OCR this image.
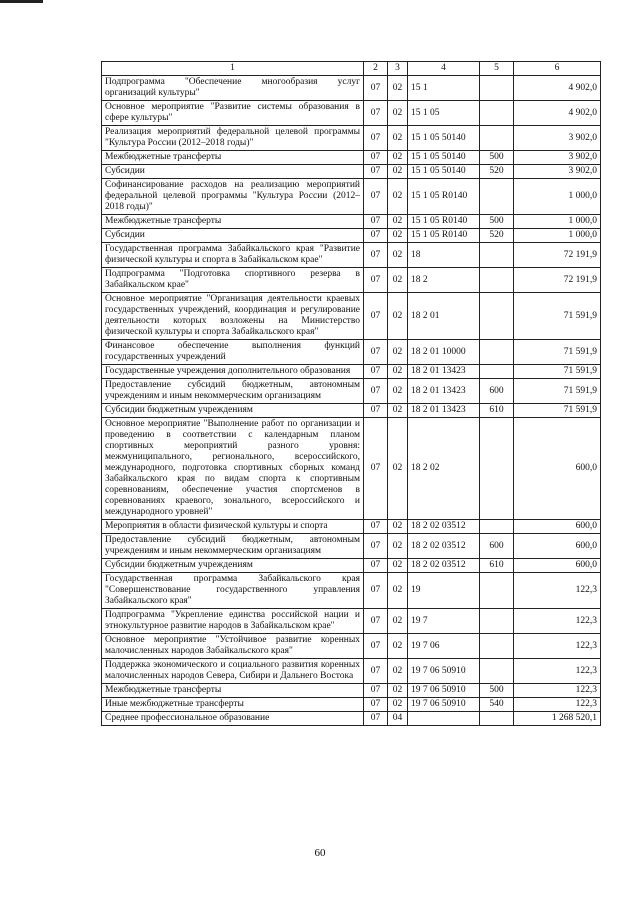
1	2	3	4	5	6
Подпрограмма "Обеспечение многообразия услуг организаций культуры"	07	02	15 1		4 902,0
Основное мероприятие "Развитие системы образования в сфере культуры"	07	02	15 1 05		4 902,0
Реализация мероприятий федеральной целевой программы "Культура России (2012–2018 годы)"	07	02	15 1 05 50140		3 902,0
Межбюджетные трансферты	07	02	15 1 05 50140	500	3 902,0
Субсидии	07	02	15 1 05 50140	520	3 902,0
Софинансирование расходов на реализацию мероприятий федеральной целевой программы "Культура России (2012–2018 годы)"	07	02	15 1 05 R0140		1 000,0
Межбюджетные трансферты	07	02	15 1 05 R0140	500	1 000,0
Субсидии	07	02	15 1 05 R0140	520	1 000,0
Государственная программа Забайкальского края "Развитие физической культуры и спорта в Забайкальском крае"	07	02	18		72 191,9
Подпрограмма "Подготовка спортивного резерва в Забайкальском крае"	07	02	18 2		72 191,9
Основное мероприятие "Организация деятельности краевых государственных учреждений, координация и регулирование деятельности которых возложены на Министерство физической культуры и спорта Забайкальского края"	07	02	18 2 01		71 591,9
Финансовое обеспечение выполнения функций государственных учреждений	07	02	18 2 01 10000		71 591,9
Государственные учреждения дополнительного образования	07	02	18 2 01 13423		71 591,9
Предоставление субсидий бюджетным, автономным учреждениям и иным некоммерческим организациям	07	02	18 2 01 13423	600	71 591,9
Субсидии бюджетным учреждениям	07	02	18 2 01 13423	610	71 591,9
Основное мероприятие "Выполнение работ по организации и проведению в соответствии с календарным планом спортивных мероприятий разного уровня: межмуниципального, регионального, всероссийского, международного, подготовка спортивных сборных команд Забайкальского края по видам спорта к спортивным соревнованиям, обеспечение участия спортсменов в соревнованиях краевого, зонального, всероссийского и международного уровней"	07	02	18 2 02		600,0
Мероприятия в области физической культуры и спорта	07	02	18 2 02 03512		600,0
Предоставление субсидий бюджетным, автономным учреждениям и иным некоммерческим организациям	07	02	18 2 02 03512	600	600,0
Субсидии бюджетным учреждениям	07	02	18 2 02 03512	610	600,0
Государственная программа Забайкальского края "Совершенствование государственного управления Забайкальского края"	07	02	19		122,3
Подпрограмма "Укрепление единства российской нации и этнокультурное развитие народов в Забайкальском крае"	07	02	19 7		122,3
Основное мероприятие "Устойчивое развитие коренных малочисленных народов Забайкальского края"	07	02	19 7 06		122,3
Поддержка экономического и социального развития коренных малочисленных народов Севера, Сибири и Дальнего Востока	07	02	19 7 06 50910		122,3
Межбюджетные трансферты	07	02	19 7 06 50910	500	122,3
Иные межбюджетные трансферты	07	02	19 7 06 50910	540	122,3
Среднее профессиональное образование	07	04			1 268 520,1
60
